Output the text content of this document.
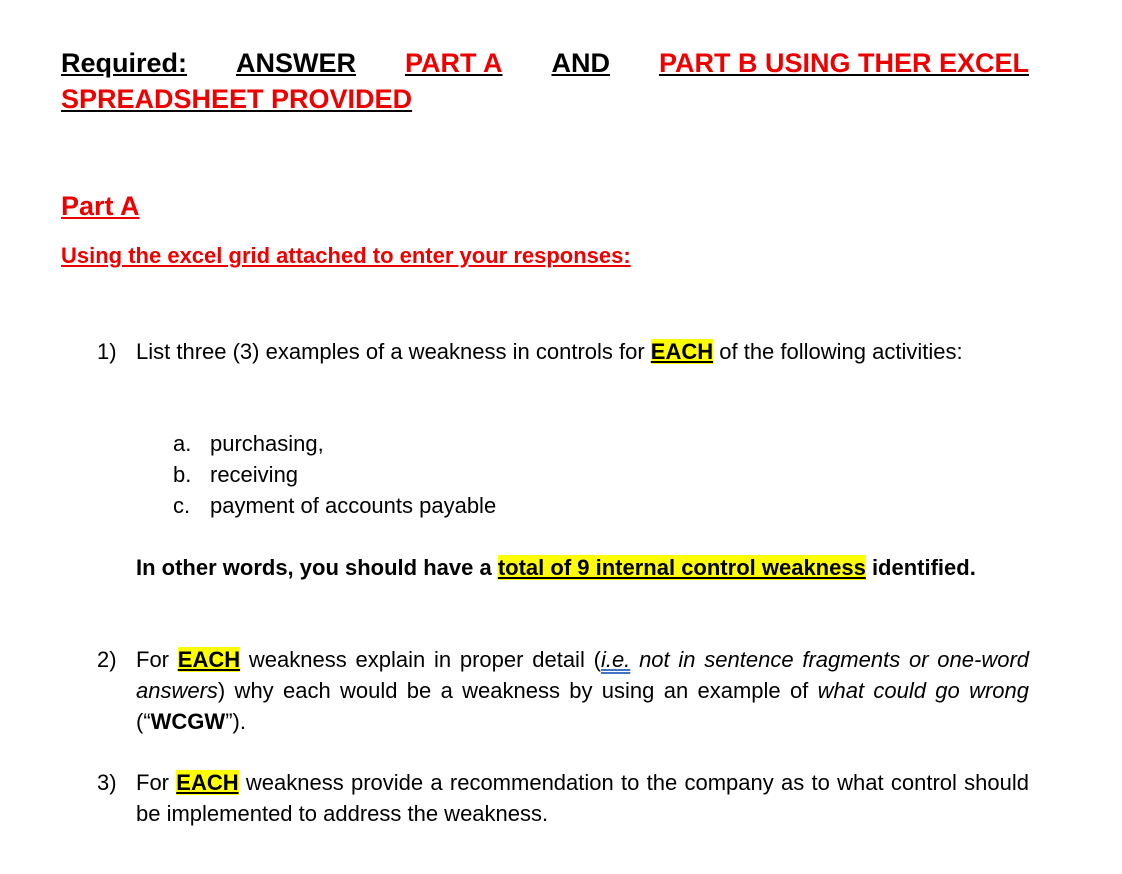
Required: ANSWER PART A AND PART B USING THER EXCEL
SPREADSHEET PROVIDED
Part A
Using the excel grid attached to enter your responses:
1) List three (3) examples of a weakness in controls for EACH of the following activities:
a. purchasing,
b. receiving
c. payment of accounts payable
In other words, you should have a total of 9 internal control weakness identified.
2) For EACH weakness explain in proper detail (i.e. not in sentence fragments or one-word answers) why each would be a weakness by using an example of what could go wrong (“WCGW”).
3) For EACH weakness provide a recommendation to the company as to what control should be implemented to address the weakness.
